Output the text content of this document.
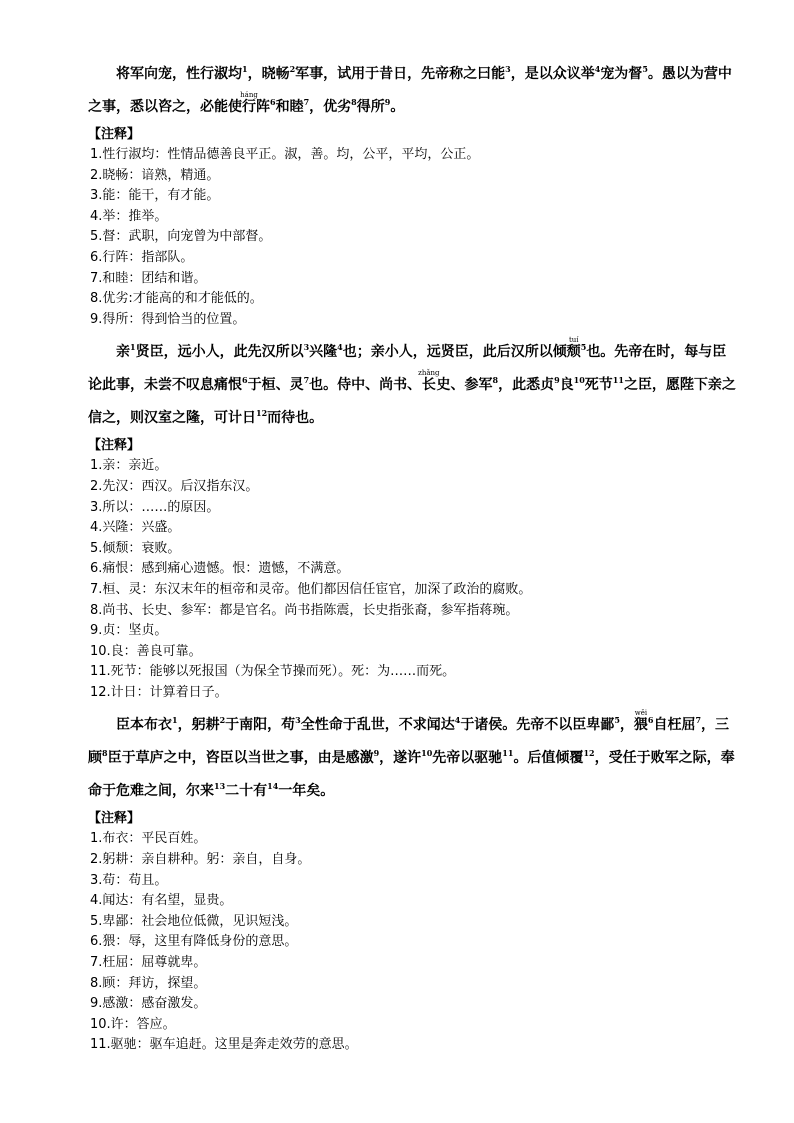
将军向宠，性行淑均$^1$，晓畅$^2$军事，试用于昔日，先帝称之曰能$^3$，是以众议举$^4$宠为督$^5$。愚以为营中之事，悉以咨之，必能使行háng阵$^6$和睦$^7$，优劣$^8$得所$^9$。

【注释】
1.性行淑均：性情品德善良平正。淑，善。均，公平，平均，公正。
2.晓畅：谙熟，精通。
3.能：能干，有才能。
4.举：推举。
5.督：武职，向宠曾为中部督。
6.行阵：指部队。
7.和睦：团结和谐。
8.优劣:才能高的和才能低的。
9.得所：得到恰当的位置。

亲$^1$贤臣，远小人，此先汉所以$^3$兴隆$^4$也；亲小人，远贤臣，此后汉所以倾颓tuí$^5$也。先帝在时，每与臣论此事，未尝不叹息痛恨$^6$于桓、灵$^7$也。侍中、尚书、长zhǎng史、参军$^8$，此悉贞$^9$良$^{10}$死节$^{11}$之臣，愿陛下亲之信之，则汉室之隆，可计日$^{12}$而待也。

【注释】
1.亲：亲近。
2.先汉：西汉。后汉指东汉。
3.所以：……的原因。
4.兴隆：兴盛。
5.倾颓：衰败。
6.痛恨：感到痛心遗憾。恨：遗憾，不满意。
7.桓、灵：东汉末年的桓帝和灵帝。他们都因信任宦官，加深了政治的腐败。
8.尚书、长史、参军：都是官名。尚书指陈震，长史指张裔，参军指蒋琬。
9.贞：坚贞。
10.良：善良可靠。
11.死节：能够以死报国（为保全节操而死）。死：为……而死。
12.计日：计算着日子。

臣本布衣$^1$，躬耕$^2$于南阳，苟$^3$全性命于乱世，不求闻达$^4$于诸侯。先帝不以臣卑鄙$^5$，猥wěi$^6$自枉屈$^7$，三顾$^8$臣于草庐之中，咨臣以当世之事，由是感激$^9$，遂许$^{10}$先帝以驱驰$^{11}$。后值倾覆$^{12}$，受任于败军之际，奉命于危难之间，尔来$^{13}$二十有$^{14}$一年矣。

【注释】
1.布衣：平民百姓。
2.躬耕：亲自耕种。躬：亲自，自身。
3.苟：苟且。
4.闻达：有名望，显贵。
5.卑鄙：社会地位低微，见识短浅。
6.猥：辱，这里有降低身份的意思。
7.枉屈：屈尊就卑。
8.顾：拜访，探望。
9.感激：感奋激发。
10.许：答应。
11.驱驰：驱车追赶。这里是奔走效劳的意思。
